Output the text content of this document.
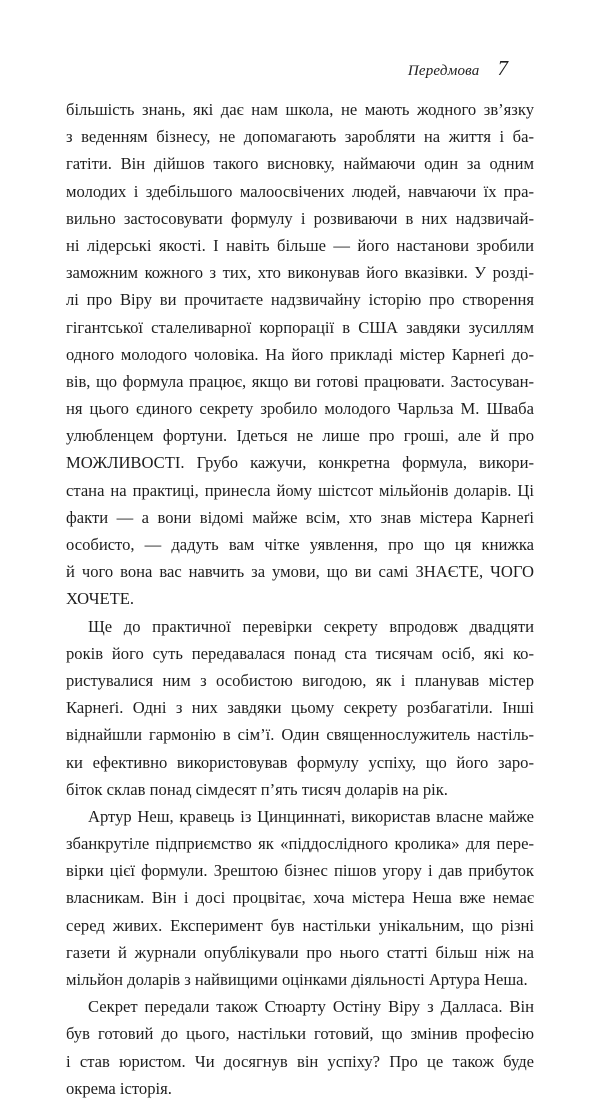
Передмова 7
більшість знань, які дає нам школа, не мають жодного зв’язку
з веденням бізнесу, не допомагають заробляти на життя і ба-
гатіти. Він дійшов такого висновку, наймаючи один за одним
молодих і здебільшого малоосвічених людей, навчаючи їх пра-
вильно застосовувати формулу і розвиваючи в них надзвичай-
ні лідерські якості. І навіть більше — його настанови зробили
заможним кожного з тих, хто виконував його вказівки. У розді-
лі про Віру ви прочитаєте надзвичайну історію про створення
гігантської сталеливарної корпорації в США завдяки зусиллям
одного молодого чоловіка. На його прикладі містер Карнеґі до-
вів, що формула працює, якщо ви готові працювати. Застосуван-
ня цього єдиного секрету зробило молодого Чарльза М. Шваба
улюбленцем фортуни. Ідеться не лише про гроші, але й про
МОЖЛИВОСТІ. Грубо кажучи, конкретна формула, викори-
стана на практиці, принесла йому шістсот мільйонів доларів. Ці
факти — а вони відомі майже всім, хто знав містера Карнеґі
особисто, — дадуть вам чітке уявлення, про що ця книжка
й чого вона вас навчить за умови, що ви самі ЗНАЄТЕ, ЧОГО
ХОЧЕТЕ.
Ще до практичної перевірки секрету впродовж двадцяти
років його суть передавалася понад ста тисячам осіб, які ко-
ристувалися ним з особистою вигодою, як і планував містер
Карнеґі. Одні з них завдяки цьому секрету розбагатіли. Інші
віднайшли гармонію в сім’ї. Один священнослужитель настіль-
ки ефективно використовував формулу успіху, що його заро-
біток склав понад сімдесят п’ять тисяч доларів на рік.
Артур Неш, кравець із Цинциннаті, використав власне майже
збанкрутіле підприємство як «піддослідного кролика» для пере-
вірки цієї формули. Зрештою бізнес пішов угору і дав прибуток
власникам. Він і досі процвітає, хоча містера Неша вже немає
серед живих. Експеримент був настільки унікальним, що різні
газети й журнали опублікували про нього статті більш ніж на
мільйон доларів з найвищими оцінками діяльності Артура Неша.
Секрет передали також Стюарту Остіну Віру з Далласа. Він
був готовий до цього, настільки готовий, що змінив професію
і став юристом. Чи досягнув він успіху? Про це також буде
окрема історія.
